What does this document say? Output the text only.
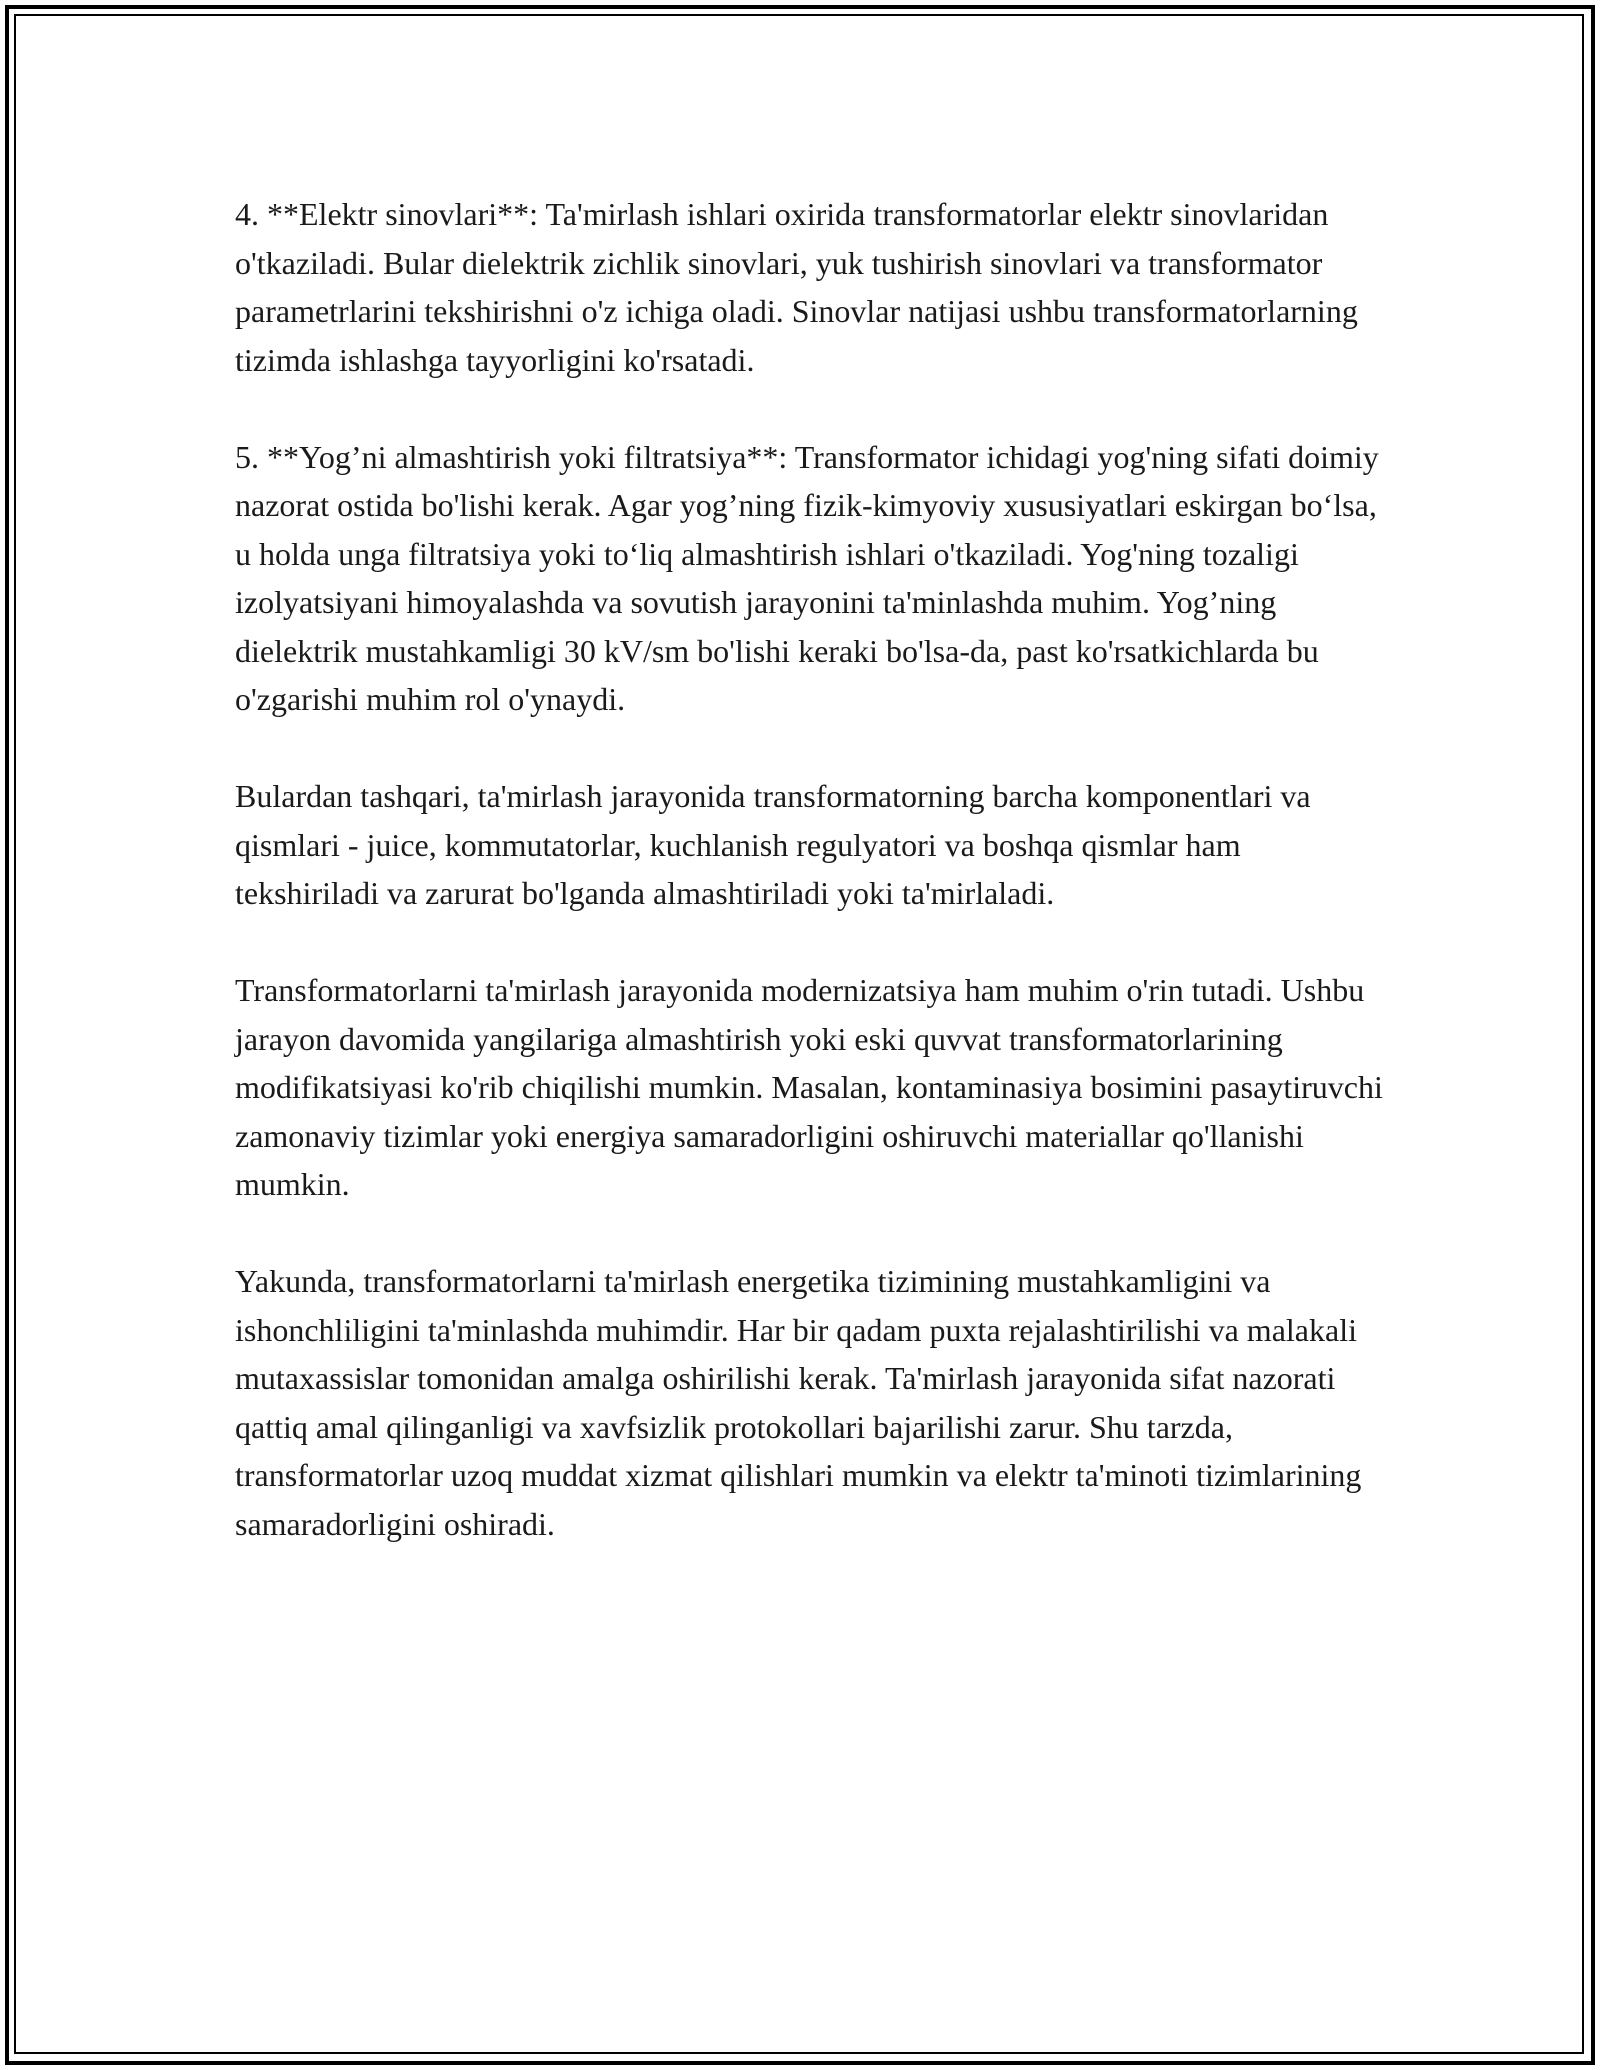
4. **Elektr sinovlari**: Ta'mirlash ishlari oxirida transformatorlar elektr sinovlaridan o'tkaziladi. Bular dielektrik zichlik sinovlari, yuk tushirish sinovlari va transformator parametrlarini tekshirishni o'z ichiga oladi. Sinovlar natijasi ushbu transformatorlarning tizimda ishlashga tayyorligini ko'rsatadi.

5. **Yog’ni almashtirish yoki filtratsiya**: Transformator ichidagi yog'ning sifati doimiy nazorat ostida bo'lishi kerak. Agar yog’ning fizik-kimyoviy xususiyatlari eskirgan bo‘lsa, u holda unga filtratsiya yoki to‘liq almashtirish ishlari o'tkaziladi. Yog'ning tozaligi izolyatsiyani himoyalashda va sovutish jarayonini ta'minlashda muhim. Yog’ning dielektrik mustahkamligi 30 kV/sm bo'lishi keraki bo'lsa-da, past ko'rsatkichlarda bu o'zgarishi muhim rol o'ynaydi.

Bulardan tashqari, ta'mirlash jarayonida transformatorning barcha komponentlari va qismlari - juice, kommutatorlar, kuchlanish regulyatori va boshqa qismlar ham tekshiriladi va zarurat bo'lganda almashtiriladi yoki ta'mirlaladi.

Transformatorlarni ta'mirlash jarayonida modernizatsiya ham muhim o'rin tutadi. Ushbu jarayon davomida yangilariga almashtirish yoki eski quvvat transformatorlarining modifikatsiyasi ko'rib chiqilishi mumkin. Masalan, kontaminasiya bosimini pasaytiruvchi zamonaviy tizimlar yoki energiya samaradorligini oshiruvchi materiallar qo'llanishi mumkin.

Yakunda, transformatorlarni ta'mirlash energetika tizimining mustahkamligini va ishonchliligini ta'minlashda muhimdir. Har bir qadam puxta rejalashtirilishi va malakali mutaxassislar tomonidan amalga oshirilishi kerak. Ta'mirlash jarayonida sifat nazorati qattiq amal qilinganligi va xavfsizlik protokollari bajarilishi zarur. Shu tarzda, transformatorlar uzoq muddat xizmat qilishlari mumkin va elektr ta'minoti tizimlarining samaradorligini oshiradi.
